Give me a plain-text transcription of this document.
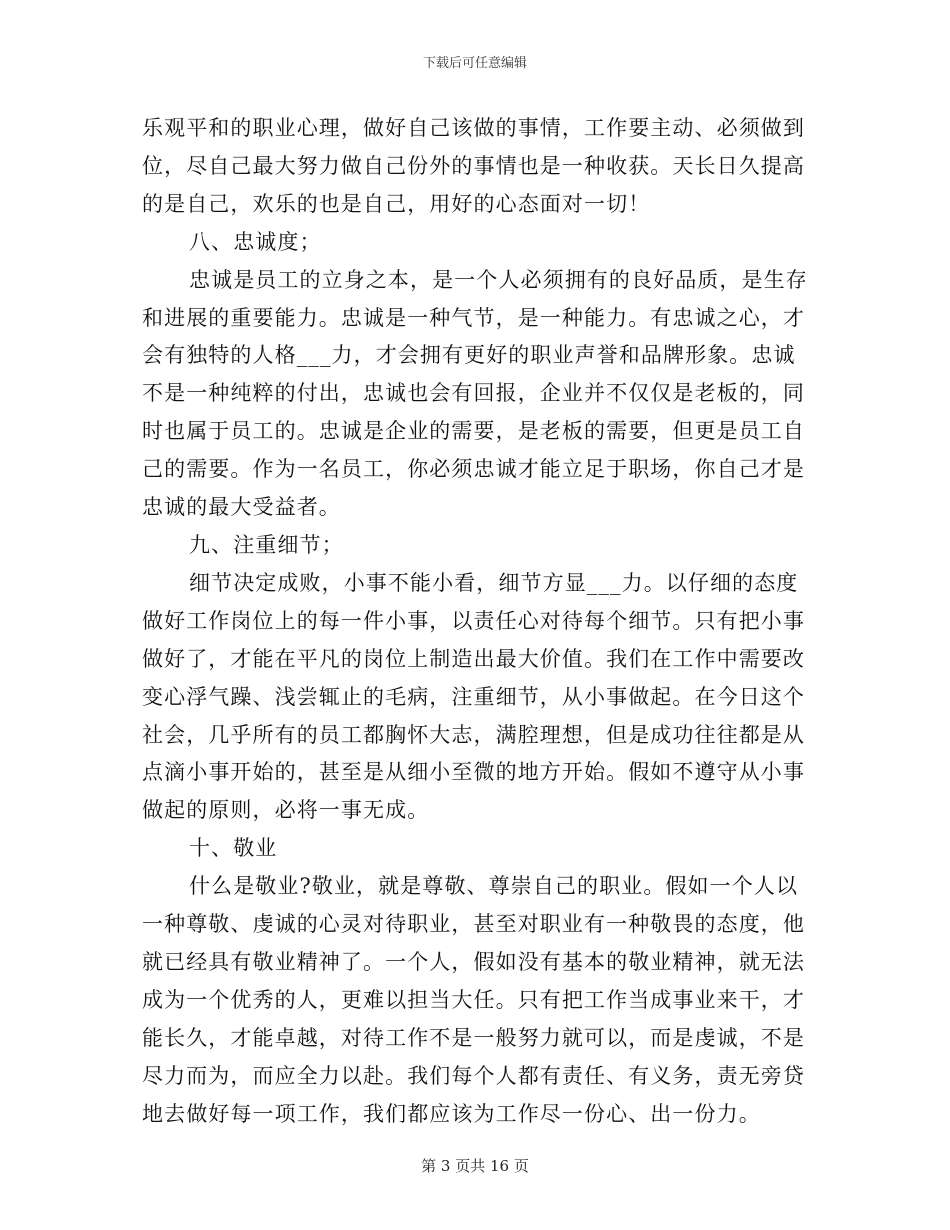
下载后可任意编辑

乐观平和的职业心理，做好自己该做的事情，工作要主动、必须做到位，尽自己最大努力做自己份外的事情也是一种收获。天长日久提高的是自己，欢乐的也是自己，用好的心态面对一切！

八、忠诚度；

忠诚是员工的立身之本，是一个人必须拥有的良好品质，是生存和进展的重要能力。忠诚是一种气节，是一种能力。有忠诚之心，才会有独特的人格___力，才会拥有更好的职业声誉和品牌形象。忠诚不是一种纯粹的付出，忠诚也会有回报，企业并不仅仅是老板的，同时也属于员工的。忠诚是企业的需要，是老板的需要，但更是员工自己的需要。作为一名员工，你必须忠诚才能立足于职场，你自己才是忠诚的最大受益者。

九、注重细节；

细节决定成败，小事不能小看，细节方显___力。以仔细的态度做好工作岗位上的每一件小事，以责任心对待每个细节。只有把小事做好了，才能在平凡的岗位上制造出最大价值。我们在工作中需要改变心浮气躁、浅尝辄止的毛病，注重细节，从小事做起。在今日这个社会，几乎所有的员工都胸怀大志，满腔理想，但是成功往往都是从点滴小事开始的，甚至是从细小至微的地方开始。假如不遵守从小事做起的原则，必将一事无成。

十、敬业

什么是敬业?敬业，就是尊敬、尊崇自己的职业。假如一个人以一种尊敬、虔诚的心灵对待职业，甚至对职业有一种敬畏的态度，他就已经具有敬业精神了。一个人，假如没有基本的敬业精神，就无法成为一个优秀的人，更难以担当大任。只有把工作当成事业来干，才能长久，才能卓越，对待工作不是一般努力就可以，而是虔诚，不是尽力而为，而应全力以赴。我们每个人都有责任、有义务，责无旁贷地去做好每一项工作，我们都应该为工作尽一份心、出一份力。

第 3 页共 16 页
